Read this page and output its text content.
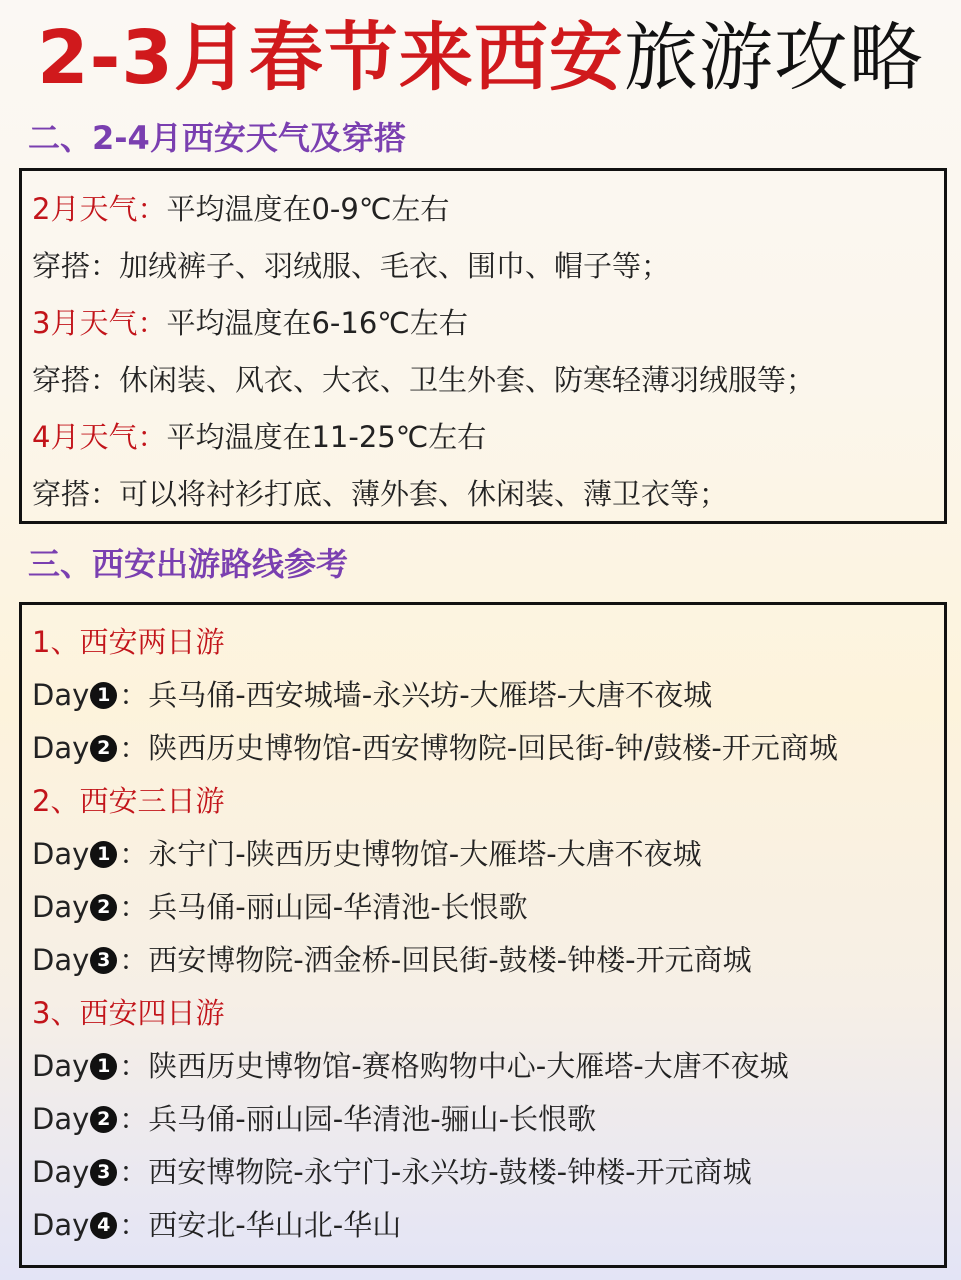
2-3月春节来西安旅游攻略
二、2-4月西安天气及穿搭
2月天气：平均温度在0-9℃左右
穿搭：加绒裤子、羽绒服、毛衣、围巾、帽子等；
3月天气：平均温度在6-16℃左右
穿搭：休闲装、风衣、大衣、卫生外套、防寒轻薄羽绒服等；
4月天气：平均温度在11-25℃左右
穿搭：可以将衬衫打底、薄外套、休闲装、薄卫衣等；
三、西安出游路线参考
1、西安两日游
Day 1 ：兵马俑-西安城墙-永兴坊-大雁塔-大唐不夜城
Day 2 ：陕西历史博物馆-西安博物院-回民街-钟/鼓楼-开元商城
2、西安三日游
Day 1 ：永宁门-陕西历史博物馆-大雁塔-大唐不夜城
Day 2 ：兵马俑-丽山园-华清池-长恨歌
Day 3 ：西安博物院-洒金桥-回民街-鼓楼-钟楼-开元商城
3、西安四日游
Day 1 ：陕西历史博物馆-赛格购物中心-大雁塔-大唐不夜城
Day 2 ：兵马俑-丽山园-华清池-骊山-长恨歌
Day 3 ：西安博物院-永宁门-永兴坊-鼓楼-钟楼-开元商城
Day 4 ：西安北-华山北-华山
